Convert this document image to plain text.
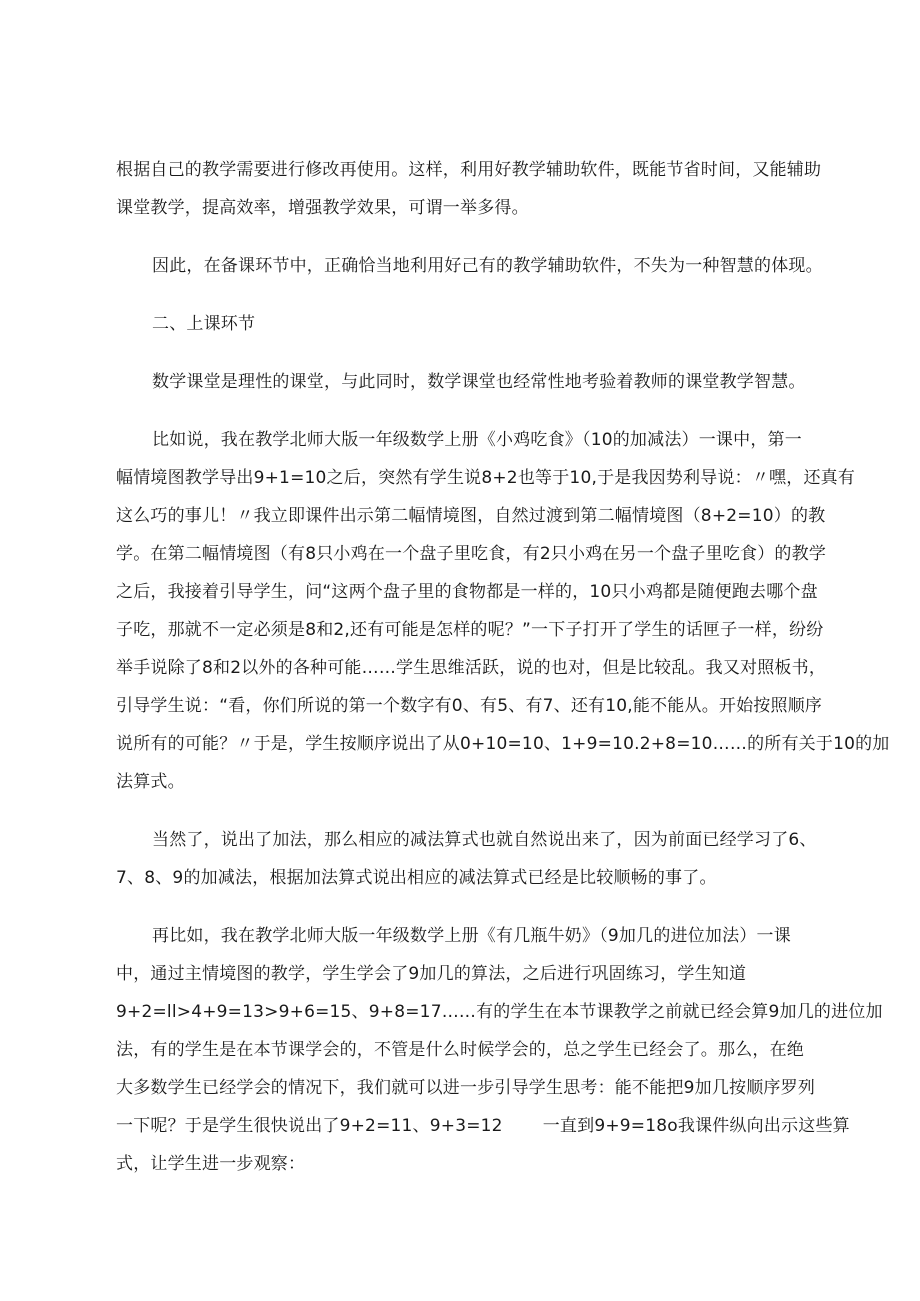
根据自己的教学需要进行修改再使用。这样，利用好教学辅助软件，既能节省时间，又能辅助
课堂教学，提高效率，增强教学效果，可谓一举多得。
因此，在备课环节中，正确恰当地利用好己有的教学辅助软件，不失为一种智慧的体现。
二、上课环节
数学课堂是理性的课堂，与此同时，数学课堂也经常性地考验着教师的课堂教学智慧。
比如说，我在教学北师大版一年级数学上册《小鸡吃食》（10的加减法）一课中，第一
幅情境图教学导出9+1=10之后，突然有学生说8+2也等于10,于是我因势利导说：〃嘿，还真有
这么巧的事儿！〃我立即课件出示第二幅情境图，自然过渡到第二幅情境图（8+2=10）的教
学。在第二幅情境图（有8只小鸡在一个盘子里吃食，有2只小鸡在另一个盘子里吃食）的教学
之后，我接着引导学生，问“这两个盘子里的食物都是一样的，10只小鸡都是随便跑去哪个盘
子吃，那就不一定必须是8和2,还有可能是怎样的呢？”一下子打开了学生的话匣子一样，纷纷
举手说除了8和2以外的各种可能……学生思维活跃，说的也对，但是比较乱。我又对照板书，
引导学生说：“看，你们所说的第一个数字有0、有5、有7、还有10,能不能从。开始按照顺序
说所有的可能？〃于是，学生按顺序说出了从0+10=10、1+9=10.2+8=10……的所有关于10的加
法算式。
当然了，说出了加法，那么相应的减法算式也就自然说出来了，因为前面已经学习了6、
7、8、9的加减法，根据加法算式说出相应的减法算式已经是比较顺畅的事了。
再比如，我在教学北师大版一年级数学上册《有几瓶牛奶》（9加几的进位加法）一课
中，通过主情境图的教学，学生学会了9加几的算法，之后进行巩固练习，学生知道
9+2=ll>4+9=13>9+6=15、9+8=17……有的学生在本节课教学之前就已经会算9加几的进位加
法，有的学生是在本节课学会的，不管是什么时候学会的，总之学生已经会了。那么，在绝
大多数学生已经学会的情况下，我们就可以进一步引导学生思考：能不能把9加几按顺序罗列
一下呢？于是学生很快说出了9+2=11、9+3=12 一直到9+9=18o我课件纵向出示这些算
式，让学生进一步观察：
